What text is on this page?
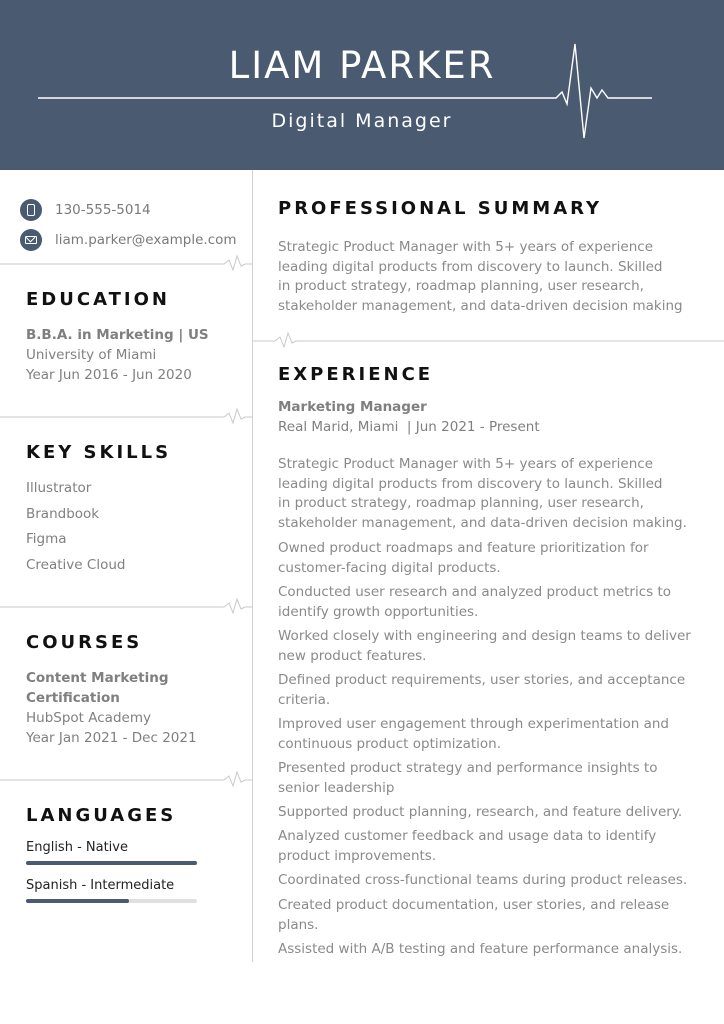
LIAM PARKER
Digital Manager
130-555-5014
liam.parker@example.com
EDUCATION
B.B.A. in Marketing | US
University of Miami
Year Jun 2016 - Jun 2020
KEY SKILLS
Illustrator
Brandbook
Figma
Creative Cloud
COURSES
Content Marketing
Certification
HubSpot Academy
Year Jan 2021 - Dec 2021
LANGUAGES
English - Native
Spanish - Intermediate
PROFESSIONAL SUMMARY
Strategic Product Manager with 5+ years of experience
leading digital products from discovery to launch. Skilled
in product strategy, roadmap planning, user research,
stakeholder management, and data-driven decision making
EXPERIENCE
Marketing Manager
Real Marid, Miami  | Jun 2021 - Present
Strategic Product Manager with 5+ years of experience
leading digital products from discovery to launch. Skilled
in product strategy, roadmap planning, user research,
stakeholder management, and data-driven decision making.
Owned product roadmaps and feature prioritization for
customer-facing digital products.
Conducted user research and analyzed product metrics to
identify growth opportunities.
Worked closely with engineering and design teams to deliver
new product features.
Defined product requirements, user stories, and acceptance
criteria.
Improved user engagement through experimentation and
continuous product optimization.
Presented product strategy and performance insights to
senior leadership
Supported product planning, research, and feature delivery.
Analyzed customer feedback and usage data to identify
product improvements.
Coordinated cross-functional teams during product releases.
Created product documentation, user stories, and release
plans.
Assisted with A/B testing and feature performance analysis.
